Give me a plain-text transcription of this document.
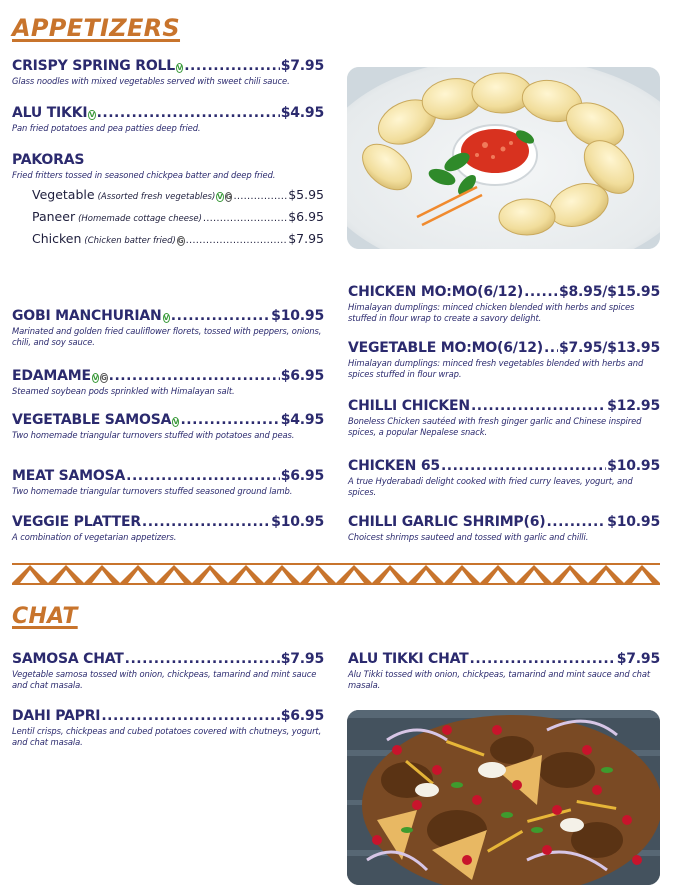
APPETIZERS
CRISPY SPRING ROLL V .....	$7.95
Glass noodles with mixed vegetables served with sweet chili sauce.
ALU TIKKI V .....	$4.95
Pan fried potatoes and pea patties deep fried.
PAKORAS
Fried fritters tossed in seasoned chickpea batter and deep fried.
Vegetable (Assorted fresh vegetables) V G .....	$5.95
Paneer (Homemade cottage cheese) .....	$6.95
Chicken (Chicken batter fried) G .....	$7.95
GOBI MANCHURIAN V .....	$10.95
Marinated and golden fried cauliflower florets, tossed with peppers, onions, chili, and soy sauce.
EDAMAME V G .....	$6.95
Steamed soybean pods sprinkled with Himalayan salt.
VEGETABLE SAMOSA V .....	$4.95
Two homemade triangular turnovers stuffed with potatoes and peas.
MEAT SAMOSA .....	$6.95
Two homemade triangular turnovers stuffed seasoned ground lamb.
VEGGIE PLATTER .....	$10.95
A combination of vegetarian appetizers.
CHICKEN MO:MO(6/12) .....	$8.95/$15.95
Himalayan dumplings: minced chicken blended with herbs and spices stuffed in flour wrap to create a savory delight.
VEGETABLE MO:MO(6/12) ..... $7.95/$13.95
Himalayan dumplings: minced fresh vegetables blended with herbs and spices stuffed in flour wrap.
CHILLI CHICKEN .....	$12.95
Boneless Chicken sautéed with fresh ginger garlic and Chinese inspired spices, a popular Nepalese snack.
CHICKEN 65 .....	$10.95
A true Hyderabadi delight cooked with fried curry leaves, yogurt, and spices.
CHILLI GARLIC SHRIMP(6) .....	$10.95
Choicest shrimps sauteed and tossed with garlic and chilli.
CHAT
SAMOSA CHAT .....	$7.95
Vegetable samosa tossed with onion, chickpeas, tamarind and mint sauce and chat masala.
DAHI PAPRI .....	$6.95
Lentil crisps, chickpeas and cubed potatoes covered with chutneys, yogurt, and chat masala.
ALU TIKKI CHAT .....	$7.95
Alu Tikki tossed with onion, chickpeas, tamarind and mint sauce and chat masala.
